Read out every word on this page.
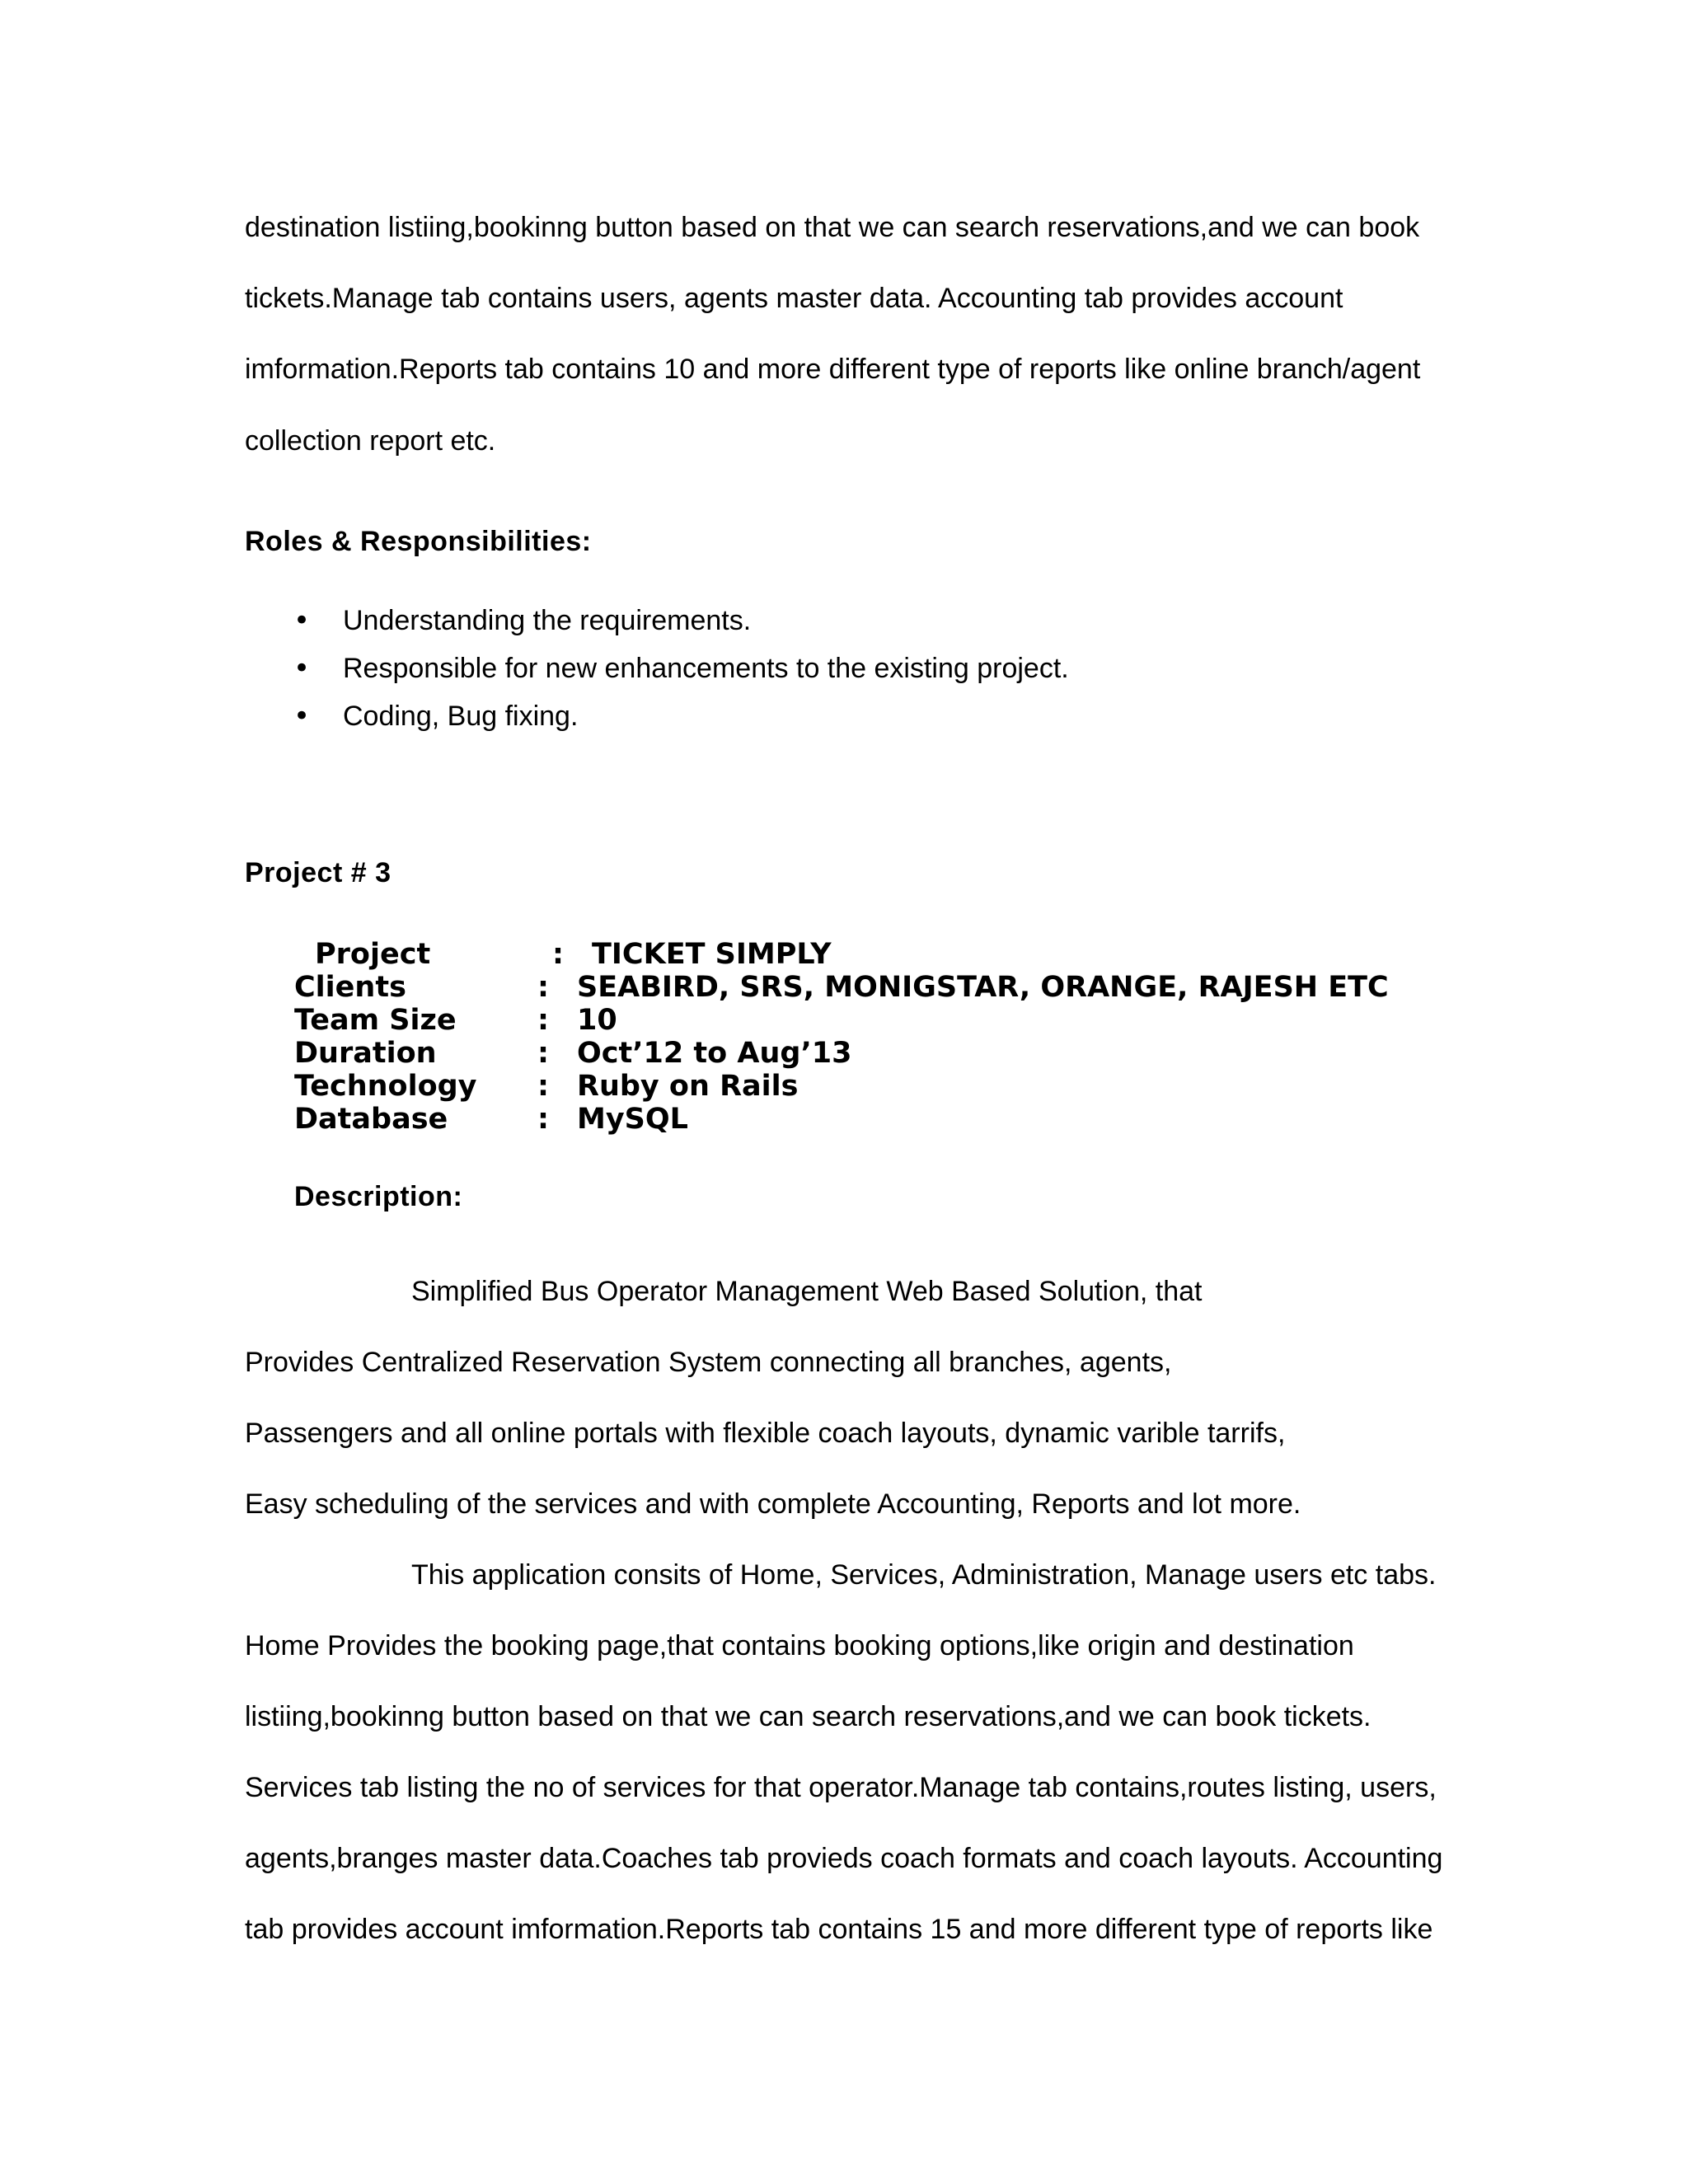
destination listiing,bookinng button based on that we can search reservations,and we can book

tickets.Manage tab contains users, agents master data. Accounting tab provides account

imformation.Reports tab contains 10 and more different type of reports like online branch/agent

collection report etc.

Roles & Responsibilities:
• Understanding the requirements.

• Responsible for new enhancements to the existing project.

• Coding, Bug fixing.

Project # 3
Project	: TICKET SIMPLY
Clients	: SEABIRD, SRS, MONIGSTAR, ORANGE, RAJESH ETC
Team Size	: 10
Duration	: Oct’12 to Aug’13
Technology : Ruby on Rails
Database	: MySQL
Description:

Simplified Bus Operator Management Web Based Solution, that

Provides Centralized Reservation System connecting all branches, agents,

Passengers and all online portals with flexible coach layouts, dynamic varible tarrifs,

Easy scheduling of the services and with complete Accounting, Reports and lot more.

This application consits of Home, Services, Administration, Manage users etc tabs.

Home Provides the booking page,that contains booking options,like origin and destination

listiing,bookinng button based on that we can search reservations,and we can book tickets.

Services tab listing the no of services for that operator.Manage tab contains,routes listing, users,

agents,branges master data.Coaches tab provieds coach formats and coach layouts. Accounting

tab provides account imformation.Reports tab contains 15 and more different type of reports like
